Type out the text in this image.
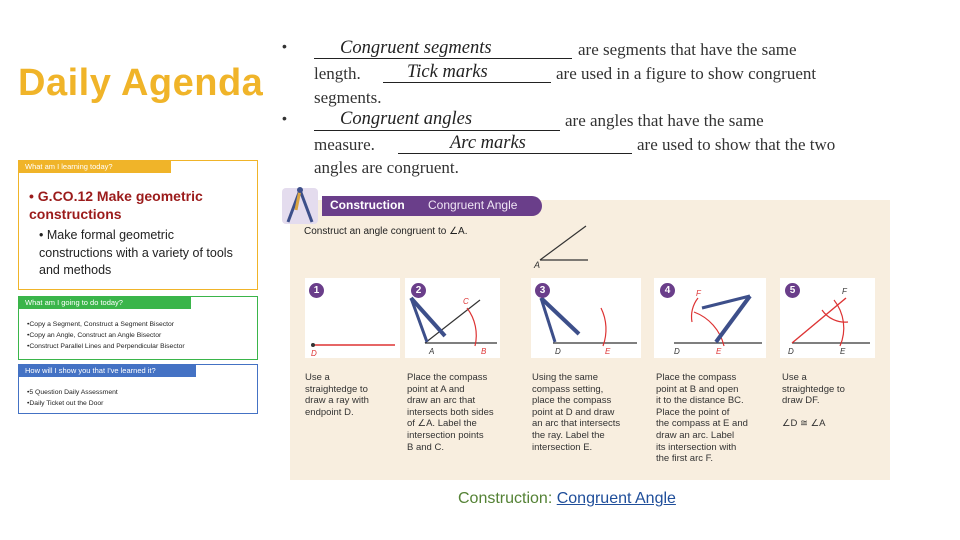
Daily Agenda
What am I learning today?
• G.CO.12 Make geometric constructions
• Make formal geometric constructions with a variety of tools and methods
What am I going to do today?
•Copy a Segment, Construct a Segment Bisector
•Copy an Angle, Construct an Angle Bisector
•Construct Parallel Lines and Perpendicular Bisector
How will I show you that I've learned it?
•5 Question Daily Assessment
•Daily Ticket out the Door
•	Congruent segments	are segments that have the same
length.	Tick marks	are used in a figure to show congruent
segments.
•	Congruent angles	are angles that have the same
measure.	Arc marks	are used to show that the two
angles are congruent.
Construction Congruent Angle
Construct an angle congruent to ∠A.
A
D	A	B
C
D	E	D	E
F
D	E
F
1	2	3	4	5
Use a
straightedge to
draw a ray with
endpoint D.
Place the compass
point at A and
draw an arc that
intersects both sides
of ∠A. Label the
intersection points
B and C.
Using the same
compass setting,
place the compass
point at D and draw
an arc that intersects
the ray. Label the
intersection E.
Place the compass
point at B and open
it to the distance BC.
Place the point of
the compass at E and
draw an arc. Label
its intersection with
the first arc F.
Use a
straightedge to
draw DF.

∠D ≅ ∠A
Construction: Congruent Angle
